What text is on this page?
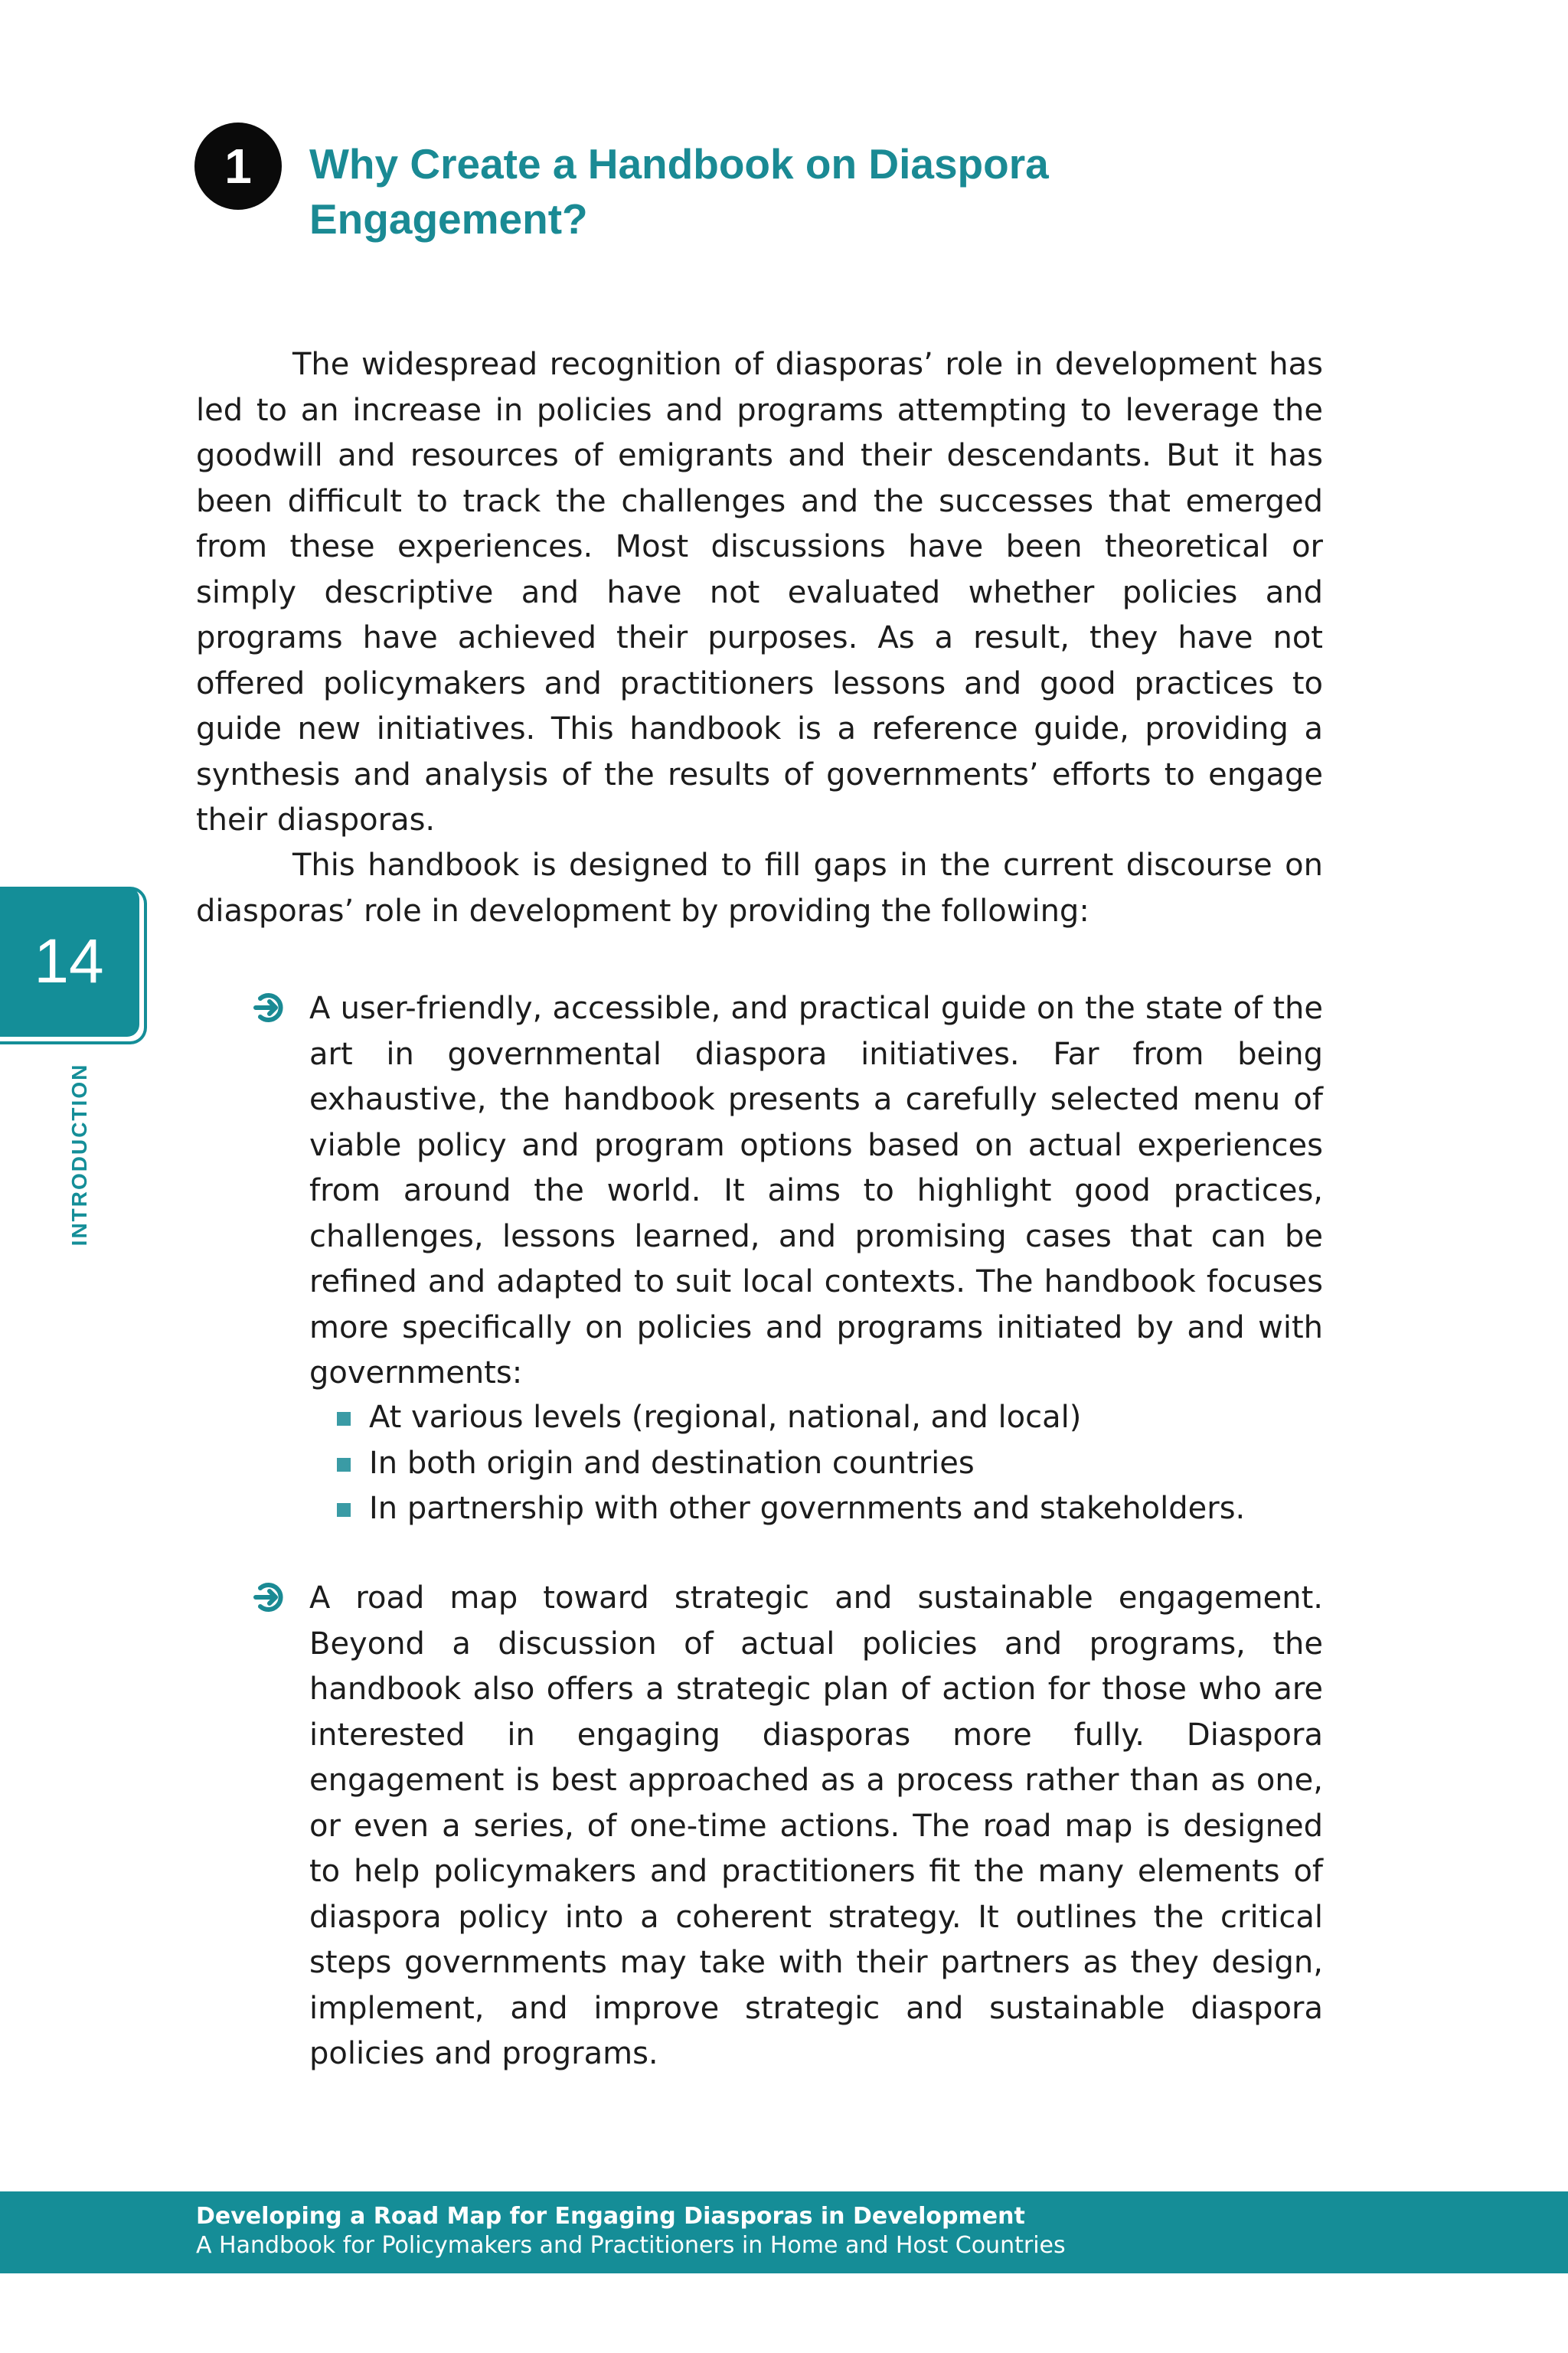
1 Why Create a Handbook on Diaspora Engagement?

The widespread recognition of diasporas’ role in development has led to an increase in policies and programs attempting to leverage the goodwill and resources of emigrants and their descendants. But it has been difficult to track the challenges and the successes that emerged from these experiences. Most discussions have been theoretical or simply descriptive and have not evaluated whether policies and programs have achieved their purposes. As a result, they have not offered policymakers and practitioners lessons and good practices to guide new initiatives. This handbook is a reference guide, providing a synthesis and analysis of the results of governments’ efforts to engage their diasporas.

This handbook is designed to fill gaps in the current discourse on diasporas’ role in development by providing the following:

A user-friendly, accessible, and practical guide on the state of the art in governmental diaspora initiatives. Far from being exhaustive, the handbook presents a carefully selected menu of viable policy and program options based on actual experiences from around the world. It aims to highlight good practices, challenges, lessons learned, and promising cases that can be refined and adapted to suit local contexts. The handbook focuses more specifically on policies and programs initiated by and with governments:

At various levels (regional, national, and local)
In both origin and destination countries
In partnership with other governments and stakeholders.

A road map toward strategic and sustainable engagement. Beyond a discussion of actual policies and programs, the handbook also offers a strategic plan of action for those who are interested in engaging diasporas more fully. Diaspora engagement is best approached as a process rather than as one, or even a series, of one-time actions. The road map is designed to help policymakers and practitioners fit the many elements of diaspora policy into a coherent strategy. It outlines the critical steps governments may take with their partners as they design, implement, and improve strategic and sustainable diaspora policies and programs.

14
INTRODUCTION
Developing a Road Map for Engaging Diasporas in Development
A Handbook for Policymakers and Practitioners in Home and Host Countries
